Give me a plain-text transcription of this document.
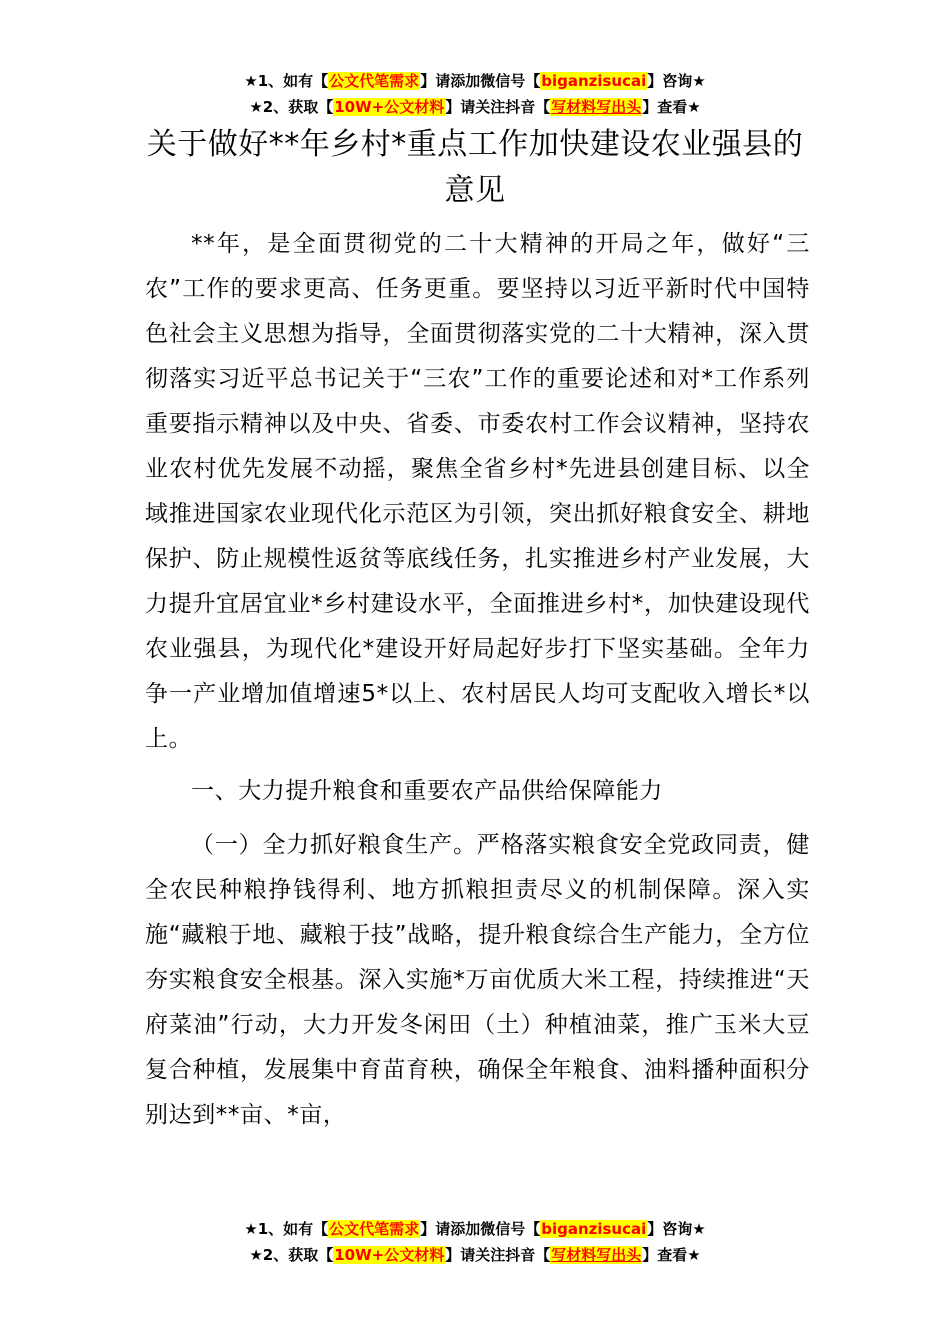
★1、如有【公文代笔需求】请添加微信号【biganzisucai】咨询★
★2、获取【10W+公文材料】请关注抖音【写材料写出头】查看★
关于做好**年乡村*重点工作加快建设农业强县的意见

**年，是全面贯彻党的二十大精神的开局之年，做好“三农”工作的要求更高、任务更重。要坚持以习近平新时代中国特色社会主义思想为指导，全面贯彻落实党的二十大精神，深入贯彻落实习近平总书记关于“三农”工作的重要论述和对*工作系列重要指示精神以及中央、省委、市委农村工作会议精神，坚持农业农村优先发展不动摇，聚焦全省乡村*先进县创建目标、以全域推进国家农业现代化示范区为引领，突出抓好粮食安全、耕地保护、防止规模性返贫等底线任务，扎实推进乡村产业发展，大力提升宜居宜业*乡村建设水平，全面推进乡村*，加快建设现代农业强县，为现代化*建设开好局起好步打下坚实基础。全年力争一产业增加值增速5*以上、农村居民人均可支配收入增长*以上。

一、大力提升粮食和重要农产品供给保障能力

（一）全力抓好粮食生产。严格落实粮食安全党政同责，健全农民种粮挣钱得利、地方抓粮担责尽义的机制保障。深入实施“藏粮于地、藏粮于技”战略，提升粮食综合生产能力，全方位夯实粮食安全根基。深入实施*万亩优质大米工程，持续推进“天府菜油”行动，大力开发冬闲田（土）种植油菜，推广玉米大豆复合种植，发展集中育苗育秧，确保全年粮食、油料播种面积分别达到**亩、*亩，

★1、如有【公文代笔需求】请添加微信号【biganzisucai】咨询★
★2、获取【10W+公文材料】请关注抖音【写材料写出头】查看★
